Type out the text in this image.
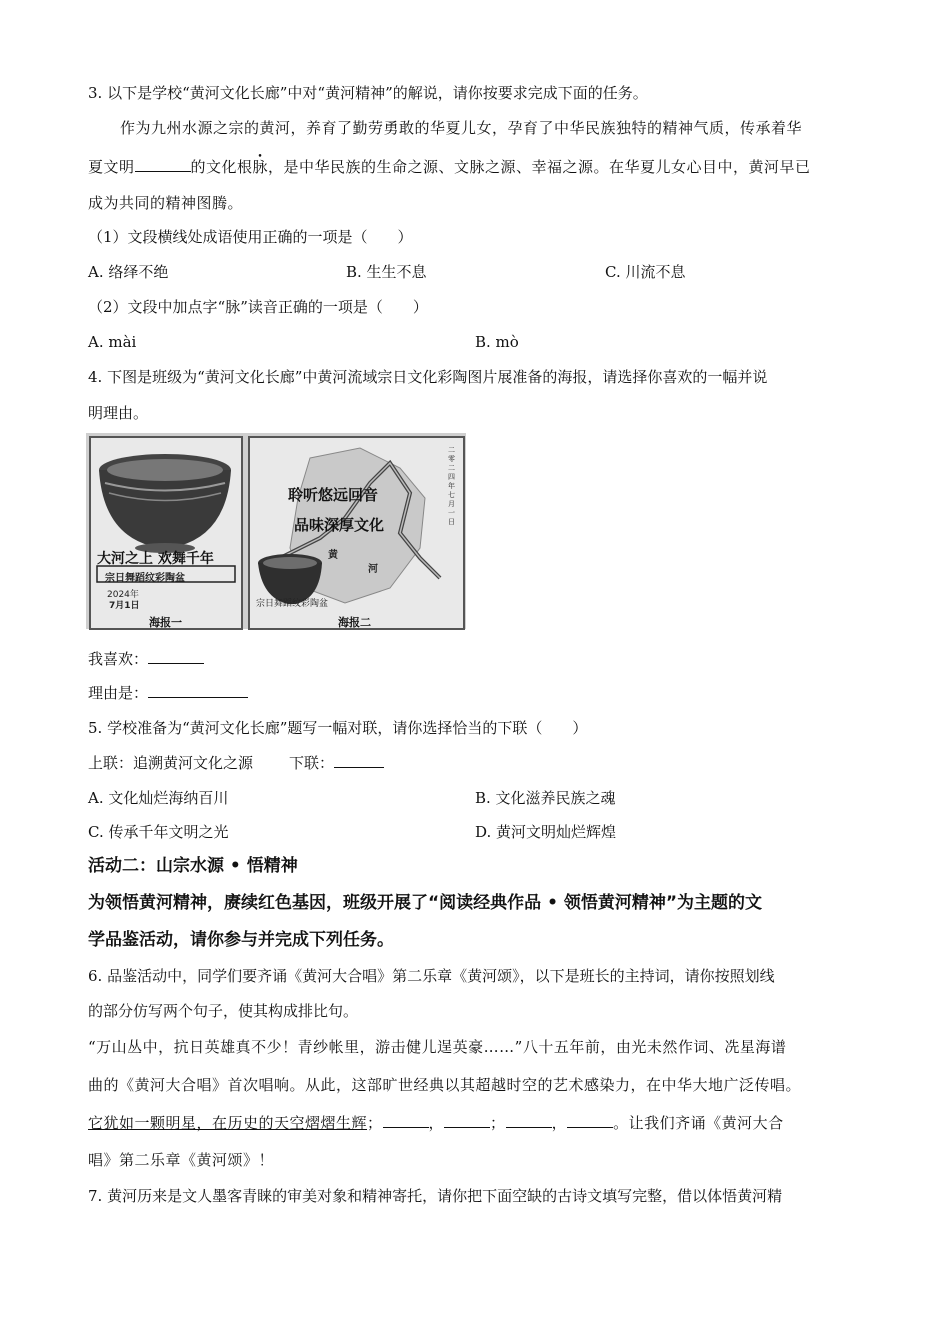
3. 以下是学校“黄河文化长廊”中对“黄河精神”的解说，请你按要求完成下面的任务。
作为九州水源之宗的黄河，养育了勤劳勇敢的华夏儿女，孕育了中华民族独特的精神气质，传承着华
夏文明	的文化根脉，是中华民族的生命之源、文脉之源、幸福之源。在华夏儿女心目中，黄河早已
成为共同的精神图腾。
（1）文段横线处成语使用正确的一项是（　　）
A. 络绎不绝	B. 生生不息	C. 川流不息
（2）文段中加点字“脉”读音正确的一项是（　　）
A. mài	B. mò
4. 下图是班级为“黄河文化长廊”中黄河流域宗日文化彩陶图片展准备的海报，请选择你喜欢的一幅并说
明理由。
大河之上 欢舞千年
宗日舞蹈纹彩陶盆
2024年
7月1日
海报一
聆听悠远回音
品味深厚文化
二零二四年七月一日
黄
河
宗日舞蹈纹彩陶盆
海报二
我喜欢：
理由是：
5. 学校准备为“黄河文化长廊”题写一幅对联，请你选择恰当的下联（　　）
上联：追溯黄河文化之源 下联：
A. 文化灿烂海纳百川	B. 文化滋养民族之魂
C. 传承千年文明之光	D. 黄河文明灿烂辉煌
活动二：山宗水源 • 悟精神
为领悟黄河精神，赓续红色基因，班级开展了“阅读经典作品 • 领悟黄河精神”为主题的文
学品鉴活动，请你参与并完成下列任务。
6. 品鉴活动中，同学们要齐诵《黄河大合唱》第二乐章《黄河颂》，以下是班长的主持词，请你按照划线
的部分仿写两个句子，使其构成排比句。
“万山丛中，抗日英雄真不少！青纱帐里，游击健儿逞英豪……”八十五年前，由光未然作词、冼星海谱
曲的《黄河大合唱》首次唱响。从此，这部旷世经典以其超越时空的艺术感染力，在中华大地广泛传唱。
它犹如一颗明星，在历史的天空熠熠生辉；	，	；	，	。让我们齐诵《黄河大合
唱》第二乐章《黄河颂》！
7. 黄河历来是文人墨客青睐的审美对象和精神寄托，请你把下面空缺的古诗文填写完整，借以体悟黄河精
